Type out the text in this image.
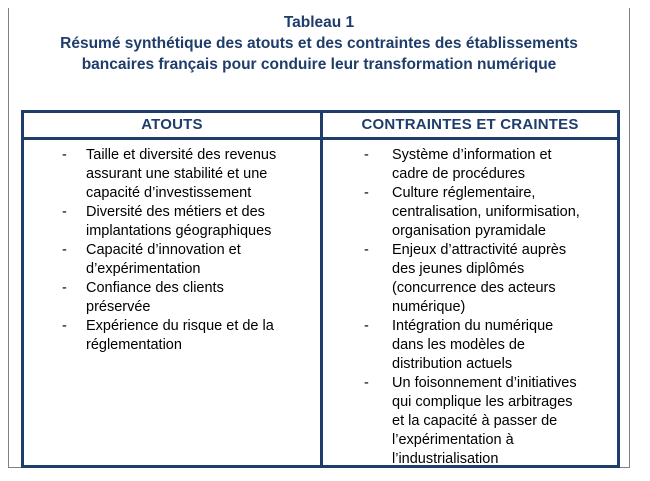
Tableau 1
Résumé synthétique des atouts et des contraintes des établissements
bancaires français pour conduire leur transformation numérique
ATOUTS	CONTRAINTES ET CRAINTES
- Taille et diversité des revenus
assurant une stabilité et une
capacité d’investissement
- Diversité des métiers et des
implantations géographiques
- Capacité d’innovation et
d’expérimentation
- Confiance des clients
préservée
- Expérience du risque et de la
réglementation
- Système d’information et
cadre de procédures
- Culture réglementaire,
centralisation, uniformisation,
organisation pyramidale
- Enjeux d’attractivité auprès
des jeunes diplômés
(concurrence des acteurs
numérique)
- Intégration du numérique
dans les modèles de
distribution actuels
- Un foisonnement d’initiatives
qui complique les arbitrages
et la capacité à passer de
l’expérimentation à
l’industrialisation
